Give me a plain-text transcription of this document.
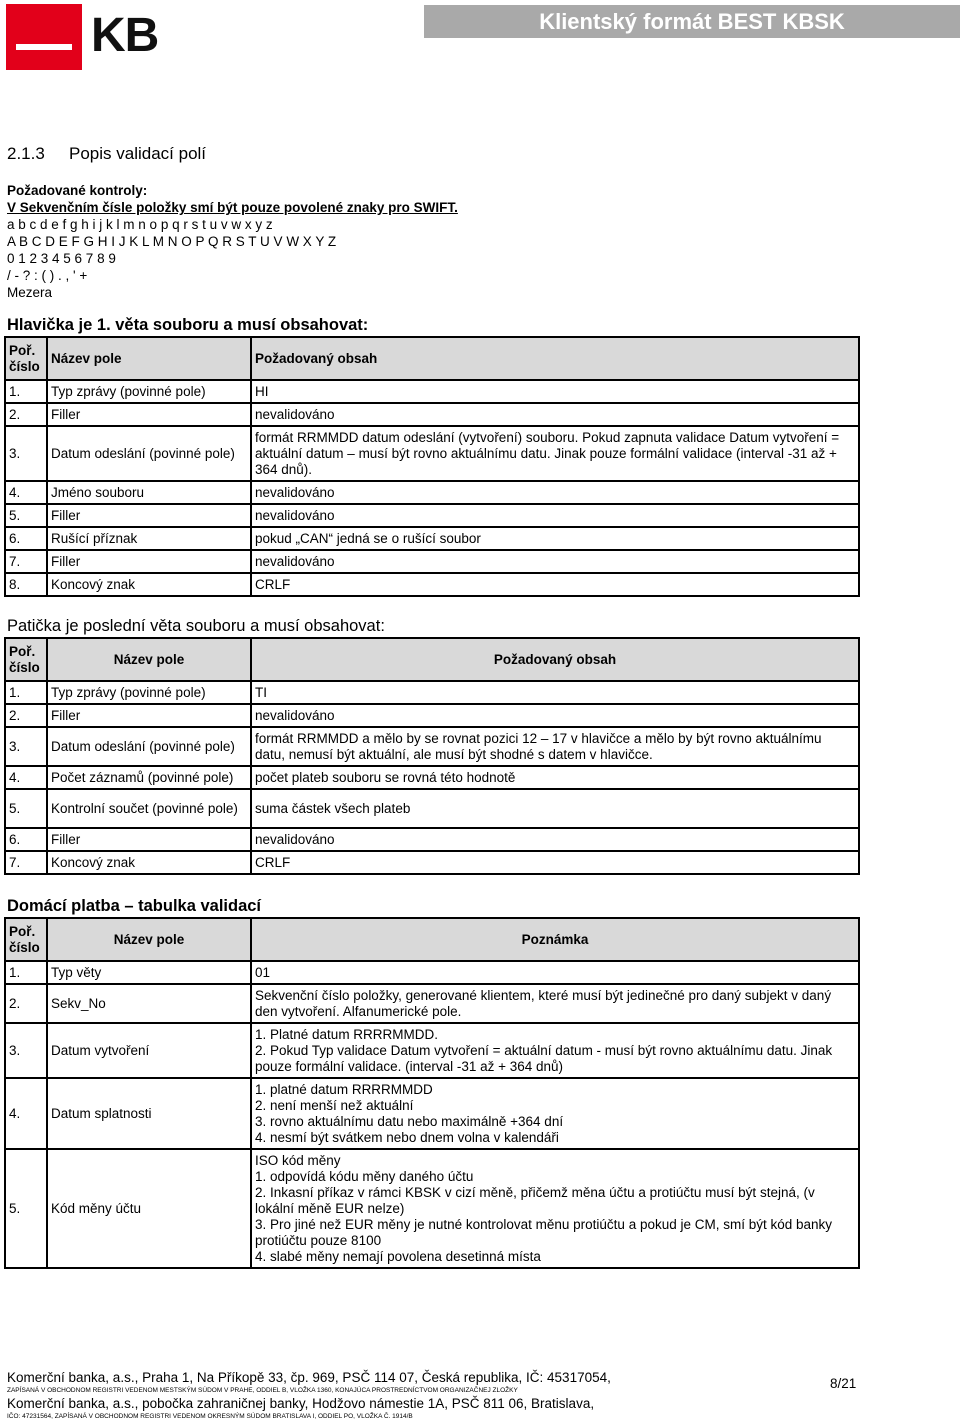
KB	Klientský formát BEST KBSK
2.1.3 Popis validací polí
Požadované kontroly:
V Sekvenčním čísle položky smí být pouze povolené znaky pro SWIFT.
a b c d e f g h i j k l m n o p q r s t u v w x y z
A B C D E F G H I J K L M N O P Q R S T U V W X Y Z
0 1 2 3 4 5 6 7 8 9
/ - ? : ( ) . , ' +
Mezera
Hlavička je 1. věta souboru a musí obsahovat:
Poř. číslo	Název pole	Požadovaný obsah
1.	Typ zprávy (povinné pole)	HI
2.	Filler	nevalidováno
3.	Datum odeslání (povinné pole)	formát RRMMDD datum odeslání (vytvoření) souboru. Pokud zapnuta validace Datum vytvoření = aktuální datum – musí být rovno aktuálnímu datu. Jinak pouze formální validace (interval -31 až + 364 dnů).
4.	Jméno souboru	nevalidováno
5.	Filler	nevalidováno
6.	Rušící příznak	pokud „CAN“ jedná se o rušící soubor
7.	Filler	nevalidováno
8.	Koncový znak	CRLF
Patička je poslední věta souboru a musí obsahovat:
Poř. číslo	Název pole	Požadovaný obsah
1.	Typ zprávy (povinné pole)	TI
2.	Filler	nevalidováno
3.	Datum odeslání (povinné pole)	formát RRMMDD a mělo by se rovnat pozici 12 – 17 v hlavičce a mělo by být rovno aktuálnímu datu, nemusí být aktuální, ale musí být shodné s datem v hlavičce.
4.	Počet záznamů (povinné pole)	počet plateb souboru se rovná této hodnotě
5.	Kontrolní součet (povinné pole)	suma částek všech plateb
6.	Filler	nevalidováno
7.	Koncový znak	CRLF
Domácí platba – tabulka validací
Poř. číslo	Název pole	Poznámka
1.	Typ věty	01

2.	Sekv_No	Sekvenční číslo položky, generované klientem, které musí být jedinečné pro daný subjekt v daný den vytvoření. Alfanumerické pole.

3.	Datum vytvoření	1. Platné datum RRRRMMDD.
2. Pokud Typ validace Datum vytvoření = aktuální datum - musí být rovno aktuálnímu datu. Jinak pouze formální validace. (interval -31 až + 364 dnů)

4.	Datum splatnosti	1. platné datum RRRRMMDD
2. není menší než aktuální
3. rovno aktuálnímu datu nebo maximálně +364 dní
4. nesmí být svátkem nebo dnem volna v kalendáři

5.	Kód měny účtu	ISO kód měny
1. odpovídá kódu měny daného účtu
2. Inkasní příkaz v rámci KBSK v cizí měně, přičemž měna účtu a protiúčtu musí být stejná, (v lokální měně EUR nelze)
3. Pro jiné než EUR měny je nutné kontrolovat měnu protiúčtu a pokud je CM, smí být kód banky protiúčtu pouze 8100
4. slabé měny nemají povolena desetinná místa
Komerční banka, a.s., Praha 1, Na Příkopě 33, čp. 969, PSČ 114 07, Česká republika, IČ: 45317054,
ZAPÍSANÁ V OBCHODNOM REGISTRI VEDENOM MESTSKÝM SÚDOM V PRAHE, ODDIEL B, VLOŽKA 1360, KONAJÚCA PROSTREDNÍCTVOM ORGANIZAČNEJ ZLOŽKY
Komerční banka, a.s., pobočka zahraničnej banky, Hodžovo námestie 1A, PSČ 811 06, Bratislava,
IČO: 47231564, ZAPÍSANÁ V OBCHODNOM REGISTRI VEDENOM OKRESNÝM SÚDOM BRATISLAVA I, ODDIEL PO, VLOŽKA Č. 1914/B
8/21
